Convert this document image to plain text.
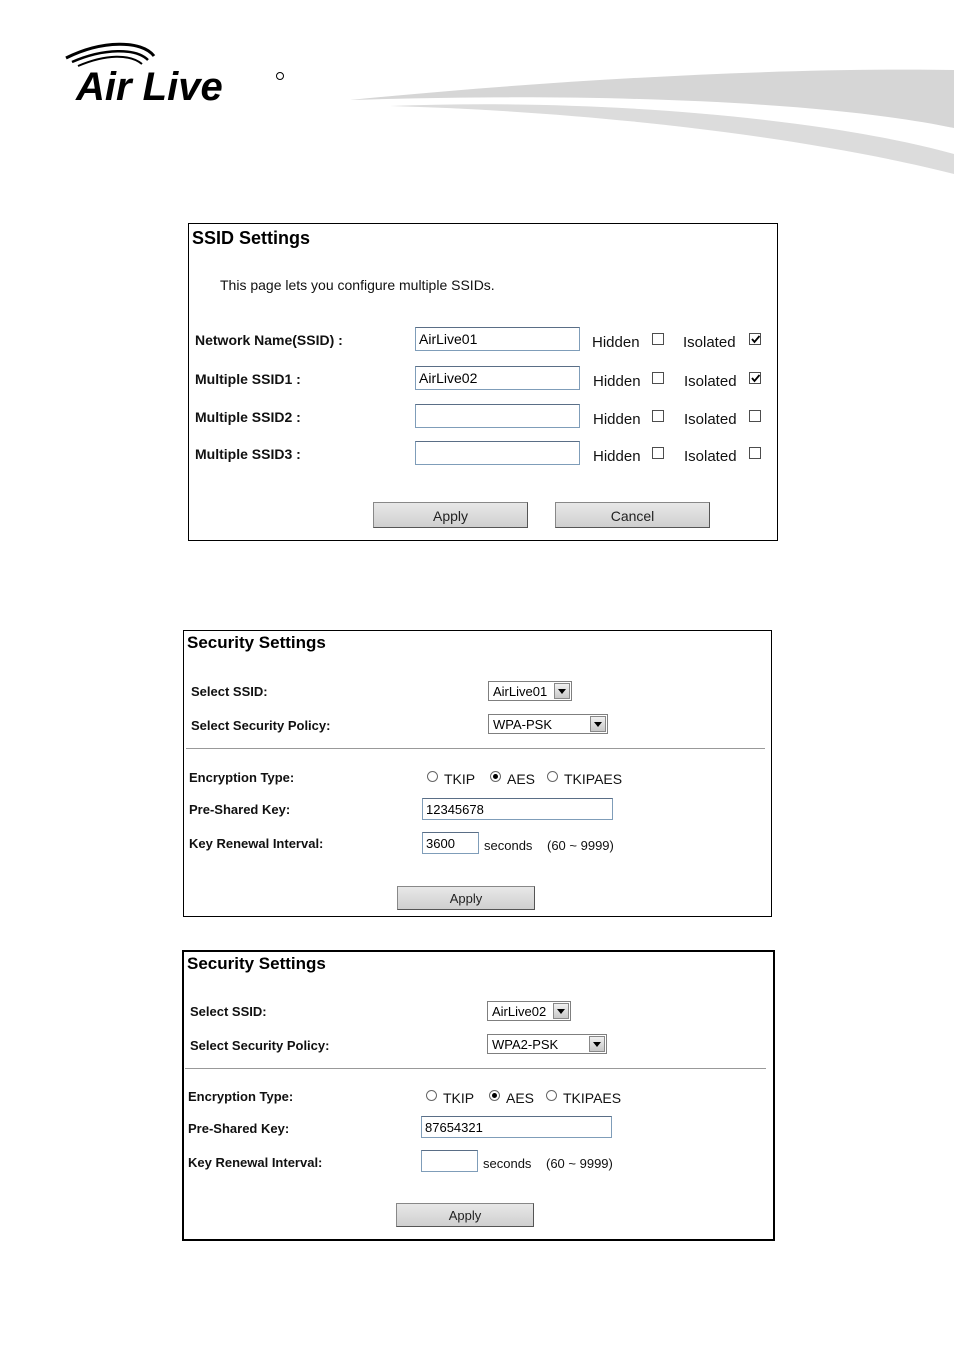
Air Live
SSID Settings
This page lets you configure multiple SSIDs.
Network Name(SSID) :
AirLive01	Hidden	Isolated
Multiple SSID1 :
AirLive02	Hidden	Isolated
Multiple SSID2 :	Hidden	Isolated
Multiple SSID3 :	Hidden	Isolated
Apply	Cancel
Security Settings
Select SSID:	AirLive01
Select Security Policy:	WPA-PSK
Encryption Type:	TKIP AES TKIPAES
Pre-Shared Key:
12345678
Key Renewal Interval:
3600	seconds (60 ~ 9999)
Apply
Security Settings
Select SSID:	AirLive02
Select Security Policy:	WPA2-PSK
Encryption Type:	TKIP AES TKIPAES
Pre-Shared Key:
87654321
Key Renewal Interval:	seconds (60 ~ 9999)
Apply
